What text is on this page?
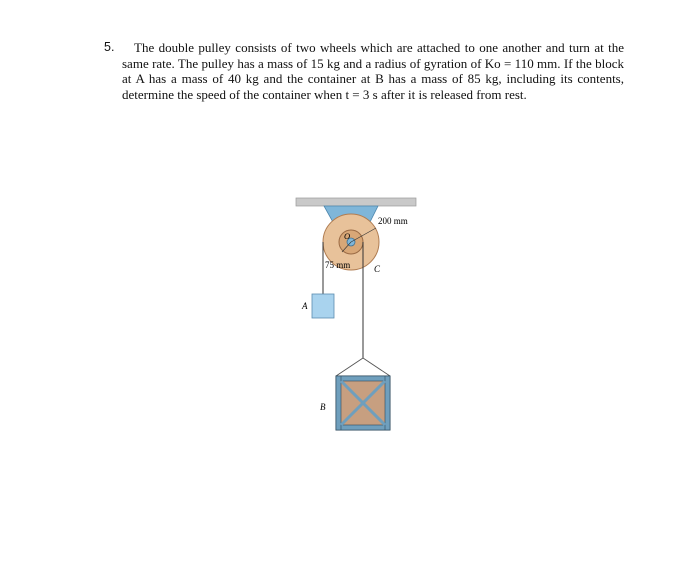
5.	The double pulley consists of two wheels which are attached to one another and turn at the same rate. The pulley has a mass of 15 kg and a radius of gyration of Ko = 110 mm. If the block at A has a mass of 40 kg and the container at B has a mass of 85 kg, including its contents, determine the speed of the container when t = 3 s after it is released from rest.
200 mm
75 mm
O
C
A
B
